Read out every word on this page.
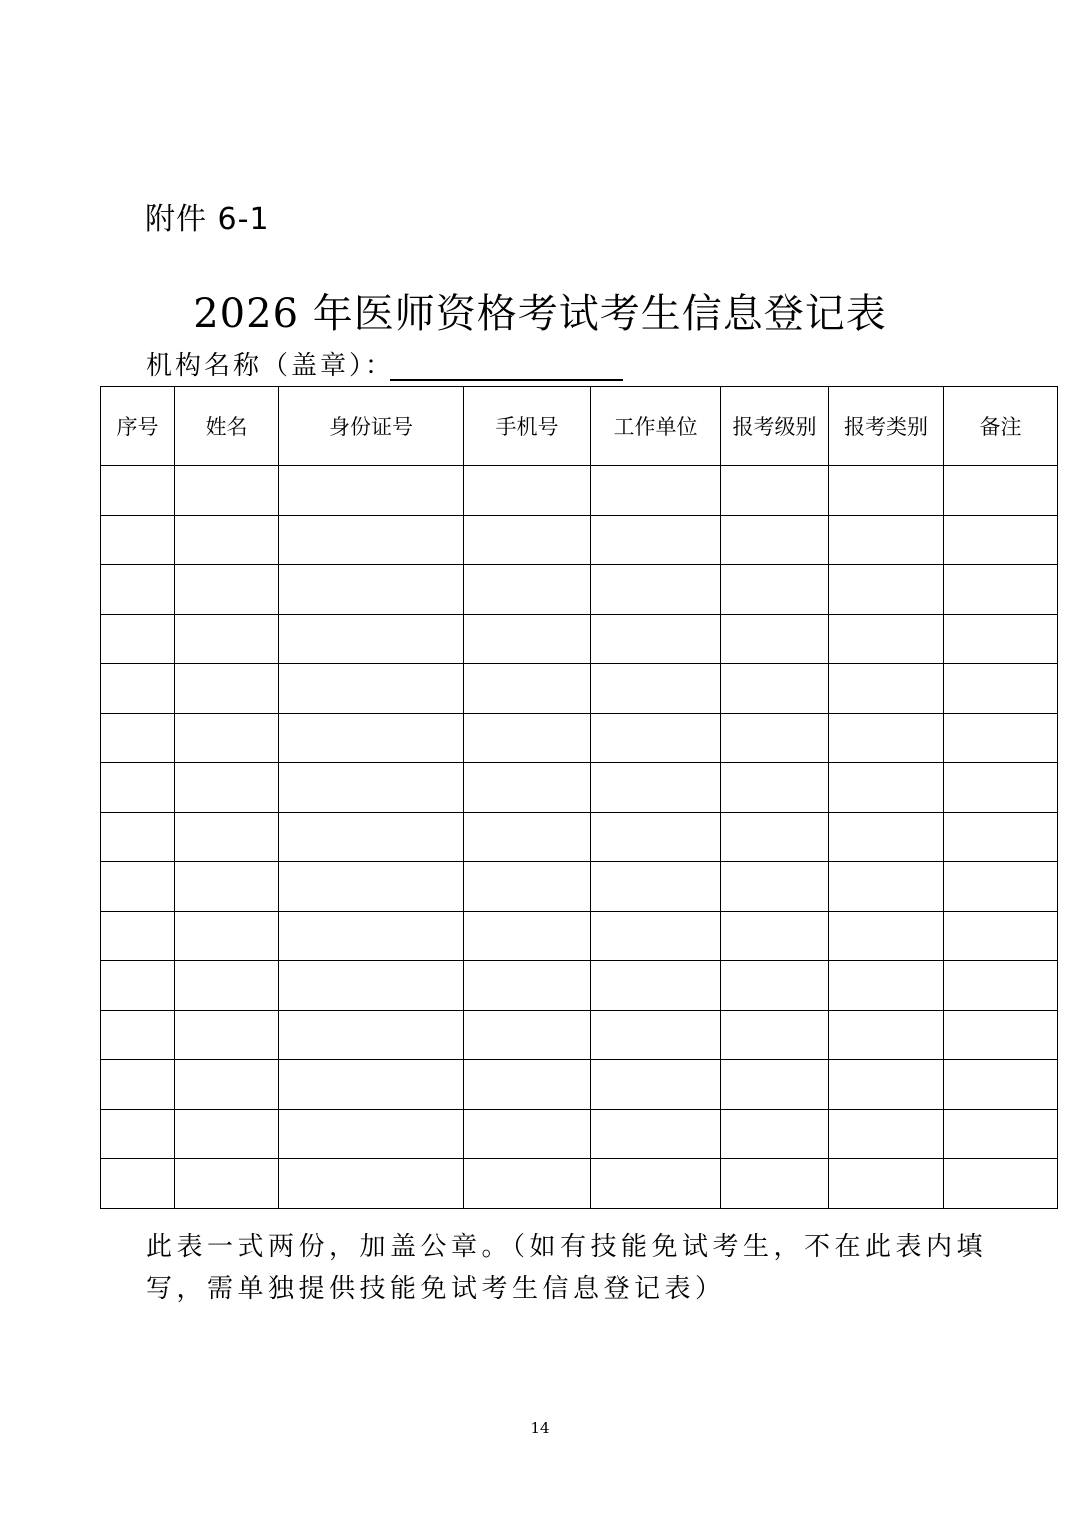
附件 6-1
2026 年医师资格考试考生信息登记表
机构名称（盖章）：
序号	姓名	身份证号	手机号	工作单位	报考级别	报考类别	备注

此表一式两份，加盖公章。（如有技能免试考生，不在此表内填
写，需单独提供技能免试考生信息登记表）
14
